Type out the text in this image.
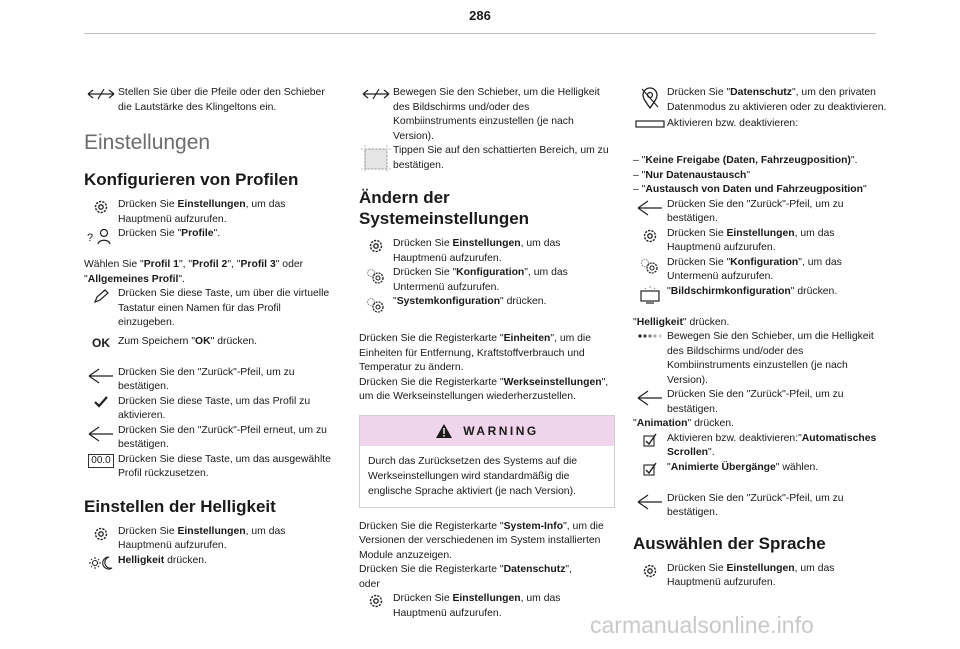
286
Stellen Sie über die Pfeile oder den Schieber die Lautstärke des Klingeltons ein.
Einstellungen
Konfigurieren von Profilen
Drücken Sie Einstellungen, um das Hauptmenü aufzurufen.
? Drücken Sie "Profile".

Wählen Sie "Profil 1", "Profil 2", "Profil 3" oder "Allgemeines Profil".

Drücken Sie diese Taste, um über die virtuelle Tastatur einen Namen für das Profil einzugeben.
OK Zum Speichern "OK" drücken.
Drücken Sie den "Zurück"-Pfeil, um zu bestätigen.
Drücken Sie diese Taste, um das Profil zu aktivieren.
Drücken Sie den "Zurück"-Pfeil erneut, um zu bestätigen.
00.0 Drücken Sie diese Taste, um das ausgewählte Profil rückzusetzen.
Einstellen der Helligkeit
Drücken Sie Einstellungen, um das Hauptmenü aufzurufen.
Helligkeit drücken.
Bewegen Sie den Schieber, um die Helligkeit des Bildschirms und/oder des Kombiinstruments einzustellen (je nach Version).
Tippen Sie auf den schattierten Bereich, um zu bestätigen.
Ändern der Systemeinstellungen
Drücken Sie Einstellungen, um das Hauptmenü aufzurufen.
Drücken Sie "Konfiguration", um das Untermenü aufzurufen.
"Systemkonfiguration" drücken.

Drücken Sie die Registerkarte "Einheiten", um die Einheiten für Entfernung, Kraftstoffverbrauch und Temperatur zu ändern.

Drücken Sie die Registerkarte "Werkseinstellungen", um die Werkseinstellungen wiederherzustellen.

WARNING
Durch das Zurücksetzen des Systems auf die Werkseinstellungen wird standardmäßig die englische Sprache aktiviert (je nach Version).

Drücken Sie die Registerkarte "System-Info", um die Versionen der verschiedenen im System installierten Module anzuzeigen.

Drücken Sie die Registerkarte "Datenschutz",

oder

Drücken Sie Einstellungen, um das Hauptmenü aufzurufen.
Drücken Sie "Datenschutz", um den privaten Datenmodus zu aktivieren oder zu deaktivieren.
Aktivieren bzw. deaktivieren:
– "Keine Freigabe (Daten, Fahrzeugposition)".
– "Nur Datenaustausch"
– "Austausch von Daten und Fahrzeugposition"
Drücken Sie den "Zurück"-Pfeil, um zu bestätigen.
Drücken Sie Einstellungen, um das Hauptmenü aufzurufen.
Drücken Sie "Konfiguration", um das Untermenü aufzurufen.
"Bildschirmkonfiguration" drücken.

"Helligkeit" drücken.

Bewegen Sie den Schieber, um die Helligkeit des Bildschirms und/oder des Kombiinstruments einzustellen (je nach Version).
Drücken Sie den "Zurück"-Pfeil, um zu bestätigen.

"Animation" drücken.

Aktivieren bzw. deaktivieren:"Automatisches Scrollen".
"Animierte Übergänge" wählen.
Drücken Sie den "Zurück"-Pfeil, um zu bestätigen.
Auswählen der Sprache
Drücken Sie Einstellungen, um das Hauptmenü aufzurufen.
carmanualsonline.info
